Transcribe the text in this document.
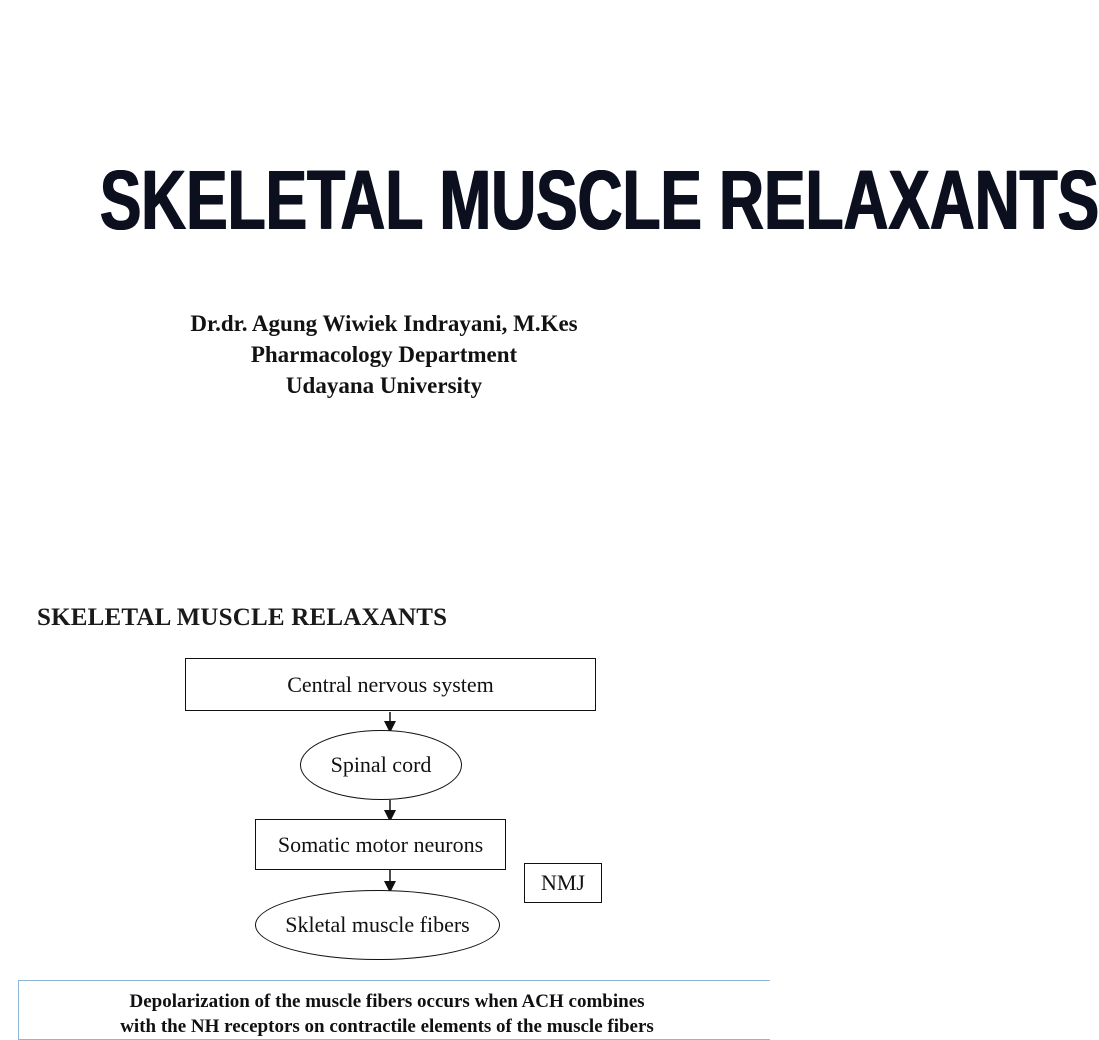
SKELETAL MUSCLE RELAXANTS
Dr.dr. Agung Wiwiek Indrayani, M.Kes
Pharmacology Department
Udayana University
SKELETAL MUSCLE RELAXANTS
Central nervous system
Spinal cord
Somatic motor neurons
NMJ
Skletal muscle fibers
Depolarization of the muscle fibers occurs when ACH combines
with the NH receptors on contractile elements of the muscle fibers
